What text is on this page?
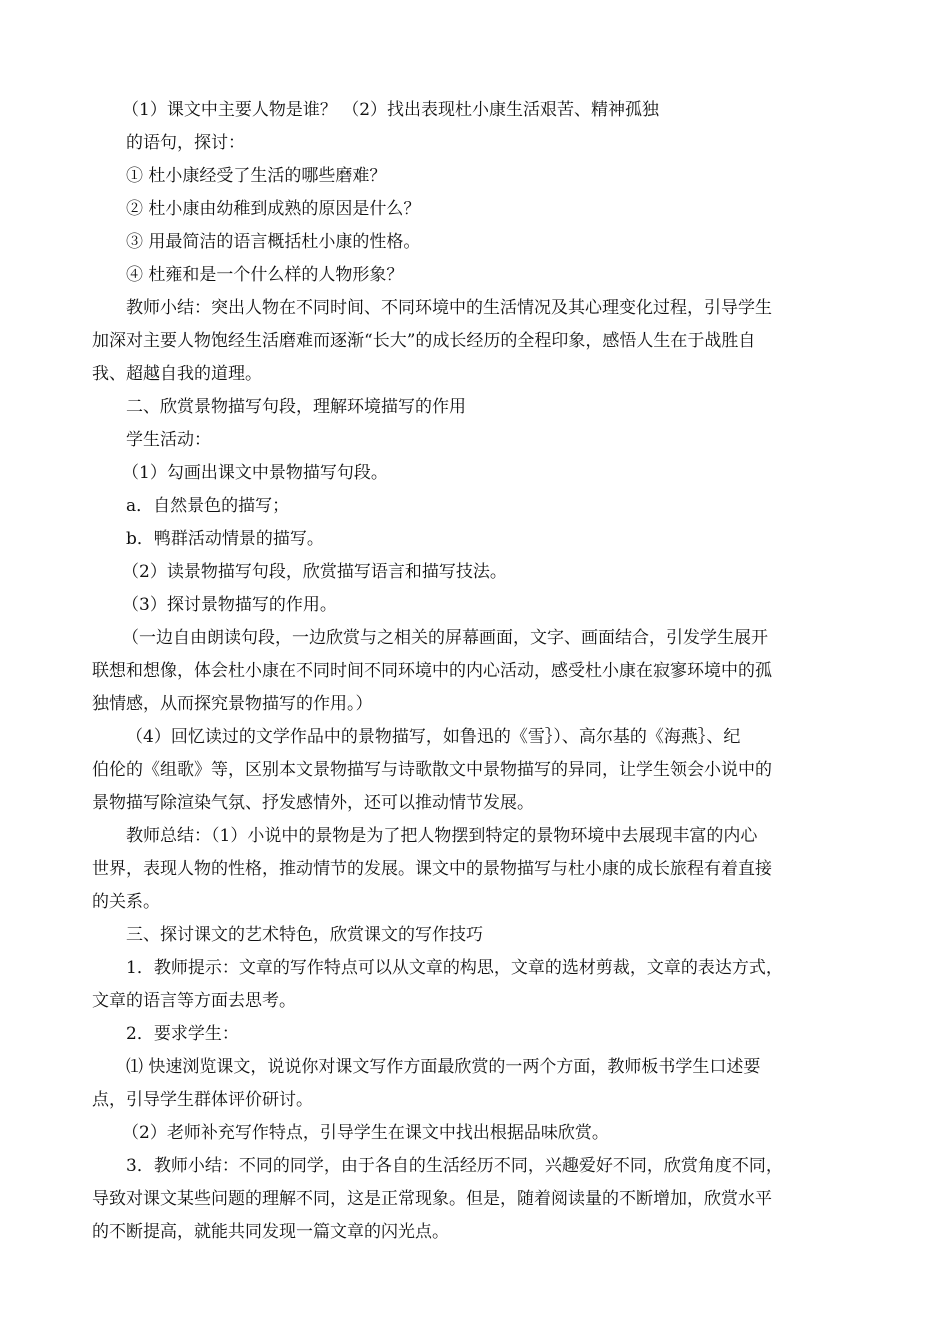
（1）课文中主要人物是谁？ （2）找出表现杜小康生活艰苦、精神孤独
的语句，探讨：
① 杜小康经受了生活的哪些磨难？
② 杜小康由幼稚到成熟的原因是什么？
③ 用最简洁的语言概括杜小康的性格。
④ 杜雍和是一个什么样的人物形象？
教师小结：突出人物在不同时间、不同环境中的生活情况及其心理变化过程，引导学生
加深对主要人物饱经生活磨难而逐渐“长大”的成长经历的全程印象，感悟人生在于战胜自
我、超越自我的道理。
二、欣赏景物描写句段，理解环境描写的作用
学生活动：
（1）勾画出课文中景物描写句段。
a．自然景色的描写；
b．鸭群活动情景的描写。
（2）读景物描写句段，欣赏描写语言和描写技法。
（3）探讨景物描写的作用。
（一边自由朗读句段，一边欣赏与之相关的屏幕画面，文字、画面结合，引发学生展开
联想和想像，体会杜小康在不同时间不同环境中的内心活动，感受杜小康在寂寥环境中的孤
独情感，从而探究景物描写的作用。）
（4）回忆读过的文学作品中的景物描写，如鲁迅的《雪｝）、高尔基的《海燕｝、纪
伯伦的《组歌》等，区别本文景物描写与诗歌散文中景物描写的异同，让学生领会小说中的
景物描写除渲染气氛、抒发感情外，还可以推动情节发展。
教师总结：（1）小说中的景物是为了把人物摆到特定的景物环境中去展现丰富的内心
世界，表现人物的性格，推动情节的发展。课文中的景物描写与杜小康的成长旅程有着直接
的关系。
三、探讨课文的艺术特色，欣赏课文的写作技巧
1．教师提示：文章的写作特点可以从文章的构思，文章的选材剪裁，文章的表达方式，
文章的语言等方面去思考。
2．要求学生：
⑴ 快速浏览课文，说说你对课文写作方面最欣赏的一两个方面，教师板书学生口述要
点，引导学生群体评价研讨。
（2）老师补充写作特点，引导学生在课文中找出根据品味欣赏。
3．教师小结：不同的同学，由于各自的生活经历不同，兴趣爱好不同，欣赏角度不同，
导致对课文某些问题的理解不同，这是正常现象。但是，随着阅读量的不断增加，欣赏水平
的不断提高，就能共同发现一篇文章的闪光点。
